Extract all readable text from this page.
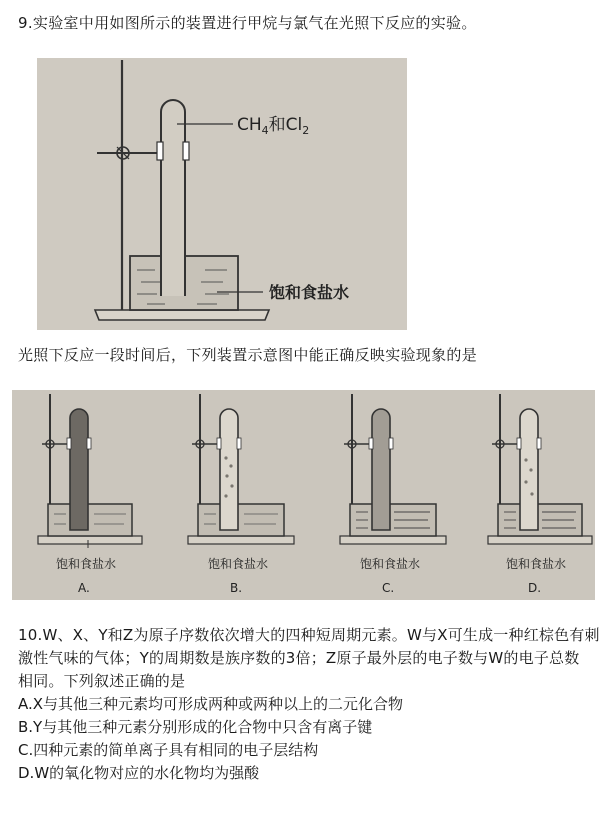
9.实验室中用如图所示的装置进行甲烷与氯气在光照下反应的实验。
$CH_4$和$Cl_2$
饱和食盐水
光照下反应一段时间后，下列装置示意图中能正确反映实验现象的是
饱和食盐水
A.
饱和食盐水
B.
饱和食盐水
C.
饱和食盐水
D.

10.W、X、Y和Z为原子序数依次增大的四种短周期元素。W与X可生成一种红棕色有刺

激性气味的气体；Y的周期数是族序数的3倍；Z原子最外层的电子数与W的电子总数

相同。下列叙述正确的是

A.X与其他三种元素均可形成两种或两种以上的二元化合物

B.Y与其他三种元素分别形成的化合物中只含有离子键

C.四种元素的简单离子具有相同的电子层结构

D.W的氧化物对应的水化物均为强酸
